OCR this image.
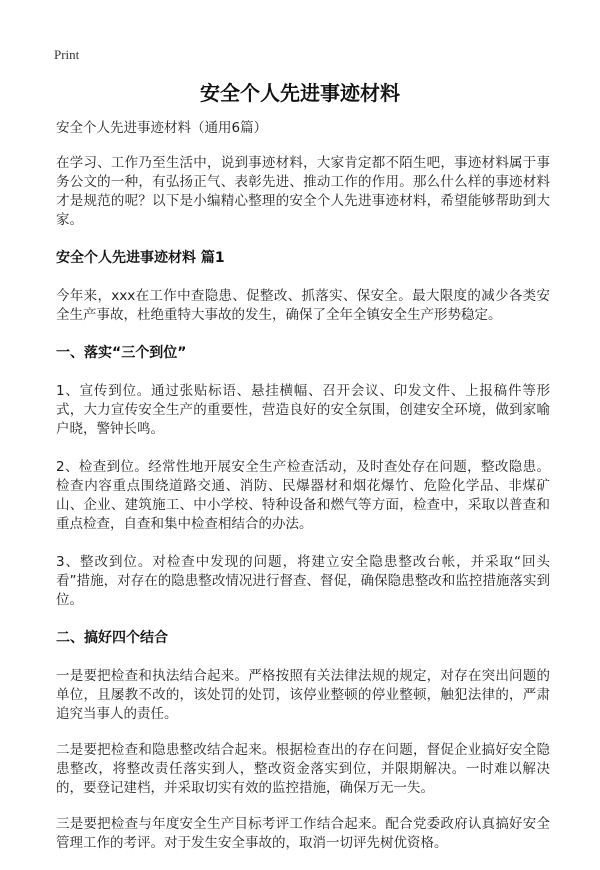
Print
安全个人先进事迹材料

安全个人先进事迹材料（通用6篇）

在学习、工作乃至生活中，说到事迹材料，大家肯定都不陌生吧，事迹材料属于事务公文的一种，有弘扬正气、表彰先进、推动工作的作用。那么什么样的事迹材料才是规范的呢？以下是小编精心整理的安全个人先进事迹材料，希望能够帮助到大家。

安全个人先进事迹材料 篇1

今年来，xxx在工作中查隐患、促整改、抓落实、保安全。最大限度的减少各类安全生产事故，杜绝重特大事故的发生，确保了全年全镇安全生产形势稳定。

一、落实“三个到位”

1、宣传到位。通过张贴标语、悬挂横幅、召开会议、印发文件、上报稿件等形式，大力宣传安全生产的重要性，营造良好的安全氛围，创建安全环境，做到家喻户晓，警钟长鸣。

2、检查到位。经常性地开展安全生产检查活动，及时查处存在问题，整改隐患。检查内容重点围绕道路交通、消防、民爆器材和烟花爆竹、危险化学品、非煤矿山、企业、建筑施工、中小学校、特种设备和燃气等方面，检查中，采取以普查和重点检查，自查和集中检查相结合的办法。

3、整改到位。对检查中发现的问题，将建立安全隐患整改台帐，并采取“回头看”措施，对存在的隐患整改情况进行督查、督促，确保隐患整改和监控措施落实到位。

二、搞好四个结合

一是要把检查和执法结合起来。严格按照有关法律法规的规定，对存在突出问题的单位，且屡教不改的，该处罚的处罚，该停业整顿的停业整顿，触犯法律的，严肃追究当事人的责任。

二是要把检查和隐患整改结合起来。根据检查出的存在问题，督促企业搞好安全隐患整改，将整改责任落实到人，整改资金落实到位，并限期解决。一时难以解决的，要登记建档，并采取切实有效的监控措施，确保万无一失。

三是要把检查与年度安全生产目标考评工作结合起来。配合党委政府认真搞好安全管理工作的考评。对于发生安全事故的，取消一切评先树优资格。
